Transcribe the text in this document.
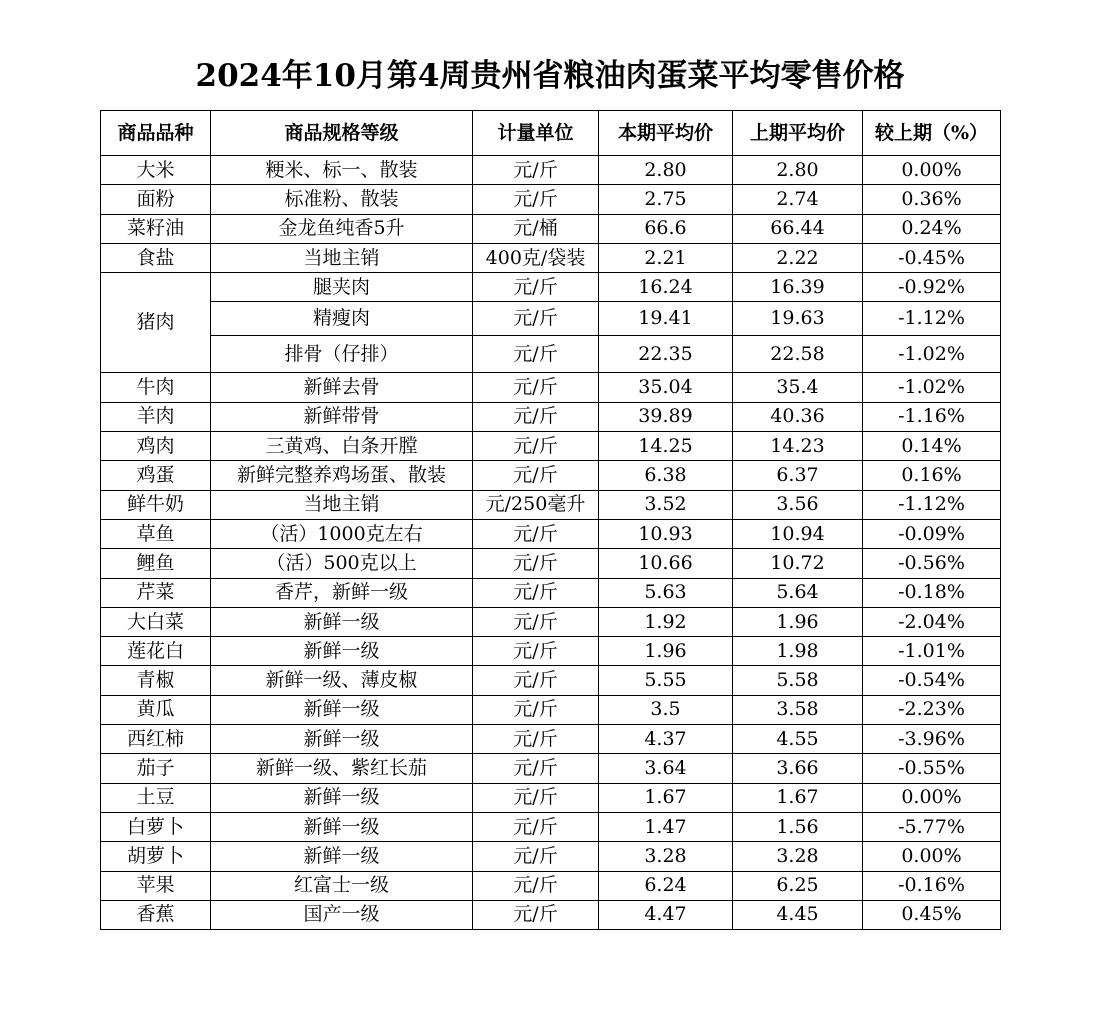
2024年10月第4周贵州省粮油肉蛋菜平均零售价格
商品品种	商品规格等级	计量单位	本期平均价	上期平均价	较上期（%）
大米	粳米、标一、散装	元/斤	2.80	2.80	0.00%
面粉	标准粉、散装	元/斤	2.75	2.74	0.36%
菜籽油	金龙鱼纯香5升	元/桶	66.6	66.44	0.24%
食盐	当地主销	400克/袋装	2.21	2.22	-0.45%
猪肉	腿夹肉	元/斤	16.24	16.39	-0.92%
	精瘦肉	元/斤	19.41	19.63	-1.12%
	排骨（仔排）	元/斤	22.35	22.58	-1.02%
牛肉	新鲜去骨	元/斤	35.04	35.4	-1.02%
羊肉	新鲜带骨	元/斤	39.89	40.36	-1.16%
鸡肉	三黄鸡、白条开膛	元/斤	14.25	14.23	0.14%
鸡蛋	新鲜完整养鸡场蛋、散装	元/斤	6.38	6.37	0.16%
鲜牛奶	当地主销	元/250毫升	3.52	3.56	-1.12%
草鱼	（活）1000克左右	元/斤	10.93	10.94	-0.09%
鲤鱼	（活）500克以上	元/斤	10.66	10.72	-0.56%
芹菜	香芹，新鲜一级	元/斤	5.63	5.64	-0.18%
大白菜	新鲜一级	元/斤	1.92	1.96	-2.04%
莲花白	新鲜一级	元/斤	1.96	1.98	-1.01%
青椒	新鲜一级、薄皮椒	元/斤	5.55	5.58	-0.54%
黄瓜	新鲜一级	元/斤	3.5	3.58	-2.23%
西红柿	新鲜一级	元/斤	4.37	4.55	-3.96%
茄子	新鲜一级、紫红长茄	元/斤	3.64	3.66	-0.55%
土豆	新鲜一级	元/斤	1.67	1.67	0.00%
白萝卜	新鲜一级	元/斤	1.47	1.56	-5.77%
胡萝卜	新鲜一级	元/斤	3.28	3.28	0.00%
苹果	红富士一级	元/斤	6.24	6.25	-0.16%
香蕉	国产一级	元/斤	4.47	4.45	0.45%
